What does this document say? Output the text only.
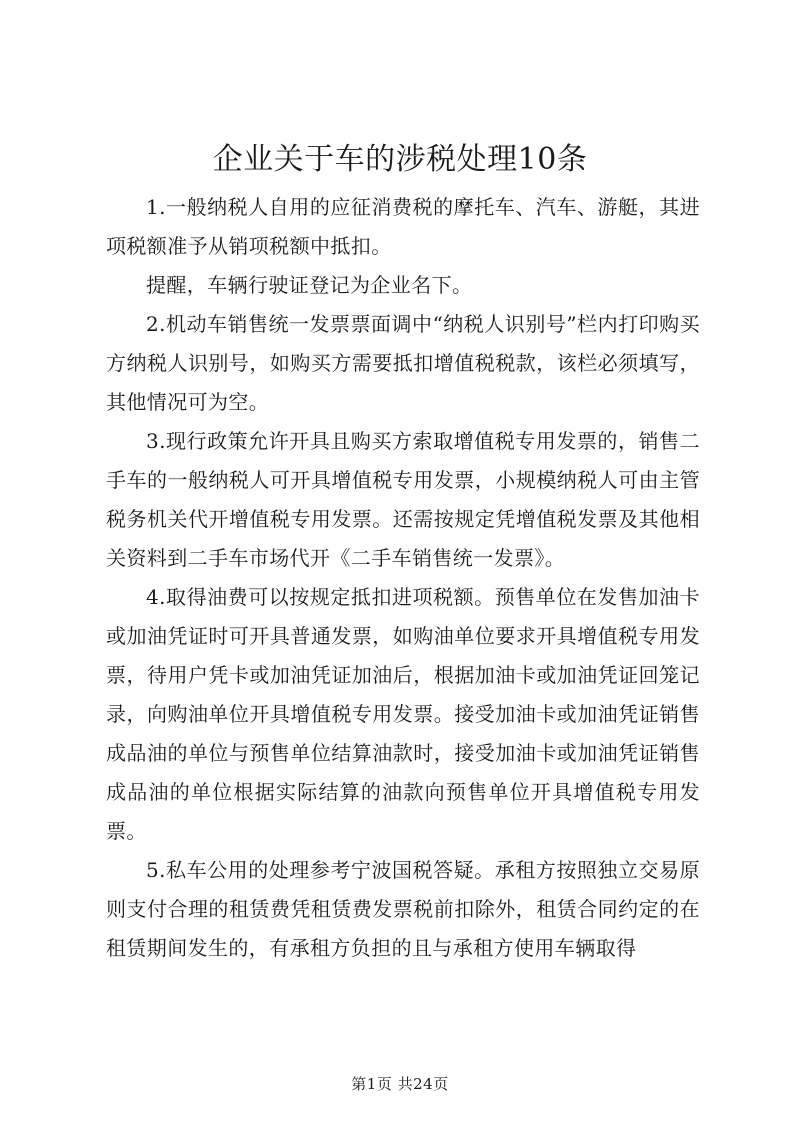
企业关于车的涉税处理10条

1.一般纳税人自用的应征消费税的摩托车、汽车、游艇，其进项税额准予从销项税额中抵扣。

提醒，车辆行驶证登记为企业名下。

2.机动车销售统一发票票面调中“纳税人识别号”栏内打印购买方纳税人识别号，如购买方需要抵扣增值税税款，该栏必须填写，其他情况可为空。

3.现行政策允许开具且购买方索取增值税专用发票的，销售二手车的一般纳税人可开具增值税专用发票，小规模纳税人可由主管税务机关代开增值税专用发票。还需按规定凭增值税发票及其他相关资料到二手车市场代开《二手车销售统一发票》。

4.取得油费可以按规定抵扣进项税额。预售单位在发售加油卡或加油凭证时可开具普通发票，如购油单位要求开具增值税专用发票，待用户凭卡或加油凭证加油后，根据加油卡或加油凭证回笼记录，向购油单位开具增值税专用发票。接受加油卡或加油凭证销售成品油的单位与预售单位结算油款时，接受加油卡或加油凭证销售成品油的单位根据实际结算的油款向预售单位开具增值税专用发票。

5.私车公用的处理参考宁波国税答疑。承租方按照独立交易原则支付合理的租赁费凭租赁费发票税前扣除外，租赁合同约定的在租赁期间发生的，有承租方负担的且与承租方使用车辆取得

第1页 共24页
